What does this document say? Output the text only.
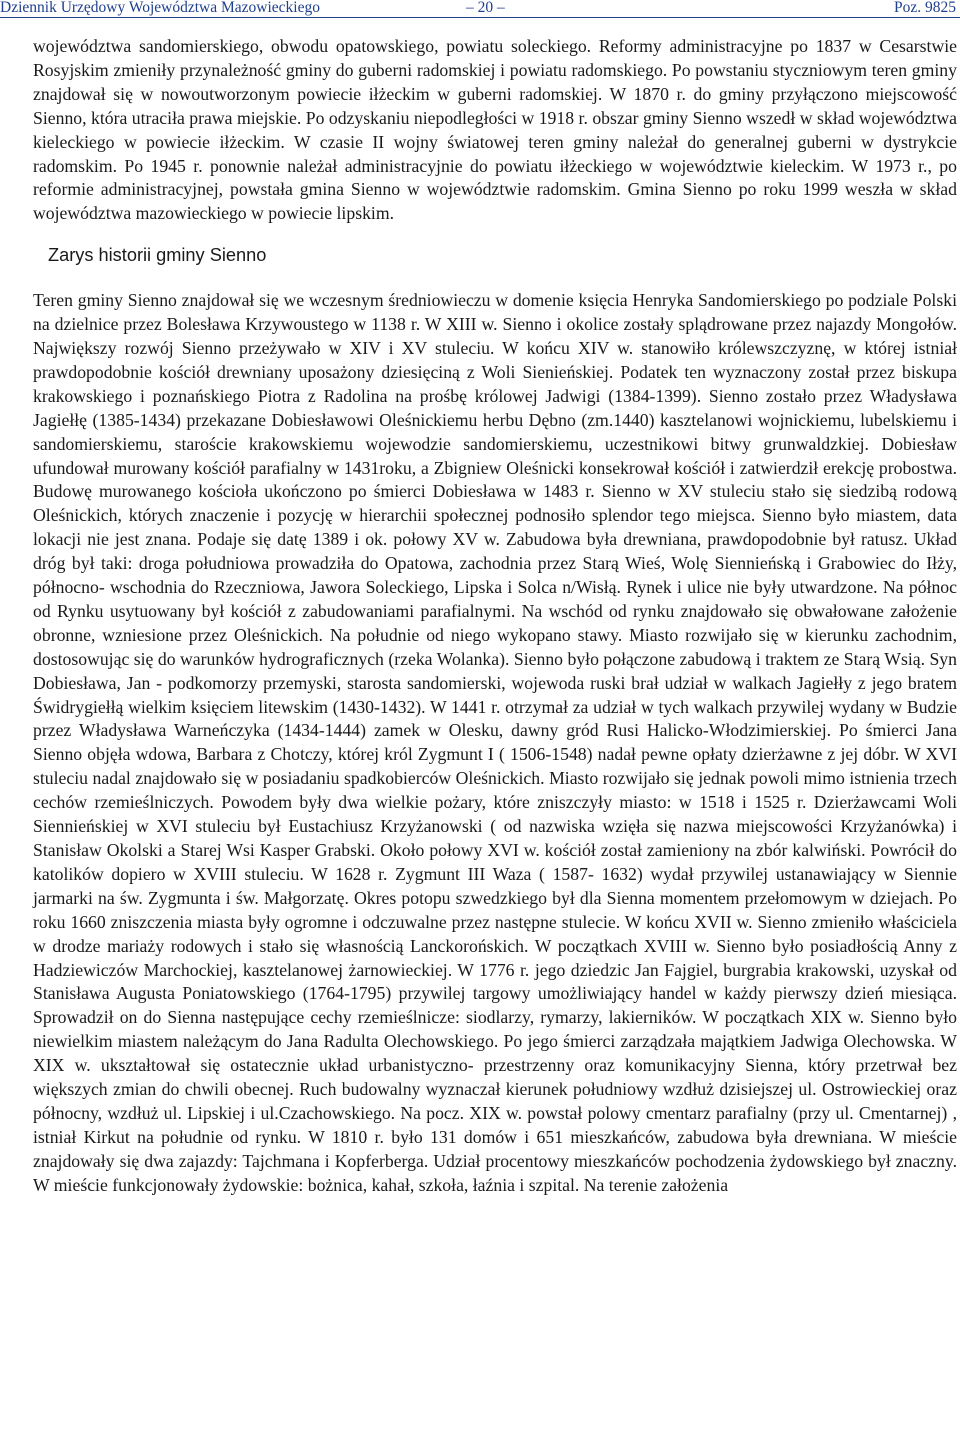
Dziennik Urzędowy Województwa Mazowieckiego	– 20 –	Poz. 9825

województwa sandomierskiego, obwodu opatowskiego, powiatu soleckiego. Reformy administracyjne po 1837 w Cesarstwie Rosyjskim zmieniły przynależność gminy do guberni radomskiej i powiatu radomskiego. Po powstaniu styczniowym teren gminy znajdował się w nowoutworzonym powiecie iłżeckim w guberni radomskiej. W 1870 r. do gminy przyłączono miejscowość Sienno, która utraciła prawa miejskie. Po odzyskaniu niepodległości w 1918 r. obszar gminy Sienno wszedł w skład województwa kieleckiego w powiecie iłżeckim. W czasie II wojny światowej teren gminy należał do generalnej guberni w dystrykcie radomskim. Po 1945 r. ponownie należał administracyjnie do powiatu iłżeckiego w województwie kieleckim. W 1973 r., po reformie administracyjnej, powstała gmina Sienno w województwie radomskim. Gmina Sienno po roku 1999 weszła w skład województwa mazowieckiego w powiecie lipskim.

Zarys historii gminy Sienno

Teren gminy Sienno znajdował się we wczesnym średniowieczu w domenie księcia Henryka Sandomierskiego po podziale Polski na dzielnice przez Bolesława Krzywoustego w 1138 r. W XIII w. Sienno i okolice zostały splądrowane przez najazdy Mongołów. Największy rozwój Sienno przeżywało w XIV i XV stuleciu. W końcu XIV w. stanowiło królewszczyznę, w której istniał prawdopodobnie kościół drewniany uposażony dziesięciną z Woli Sienieńskiej. Podatek ten wyznaczony został przez biskupa krakowskiego i poznańskiego Piotra z Radolina na prośbę królowej Jadwigi (1384-1399). Sienno zostało przez Władysława Jagiełłę (1385-1434) przekazane Dobiesławowi Oleśnickiemu herbu Dębno (zm.1440) kasztelanowi wojnickiemu, lubelskiemu i sandomierskiemu, staroście krakowskiemu wojewodzie sandomierskiemu, uczestnikowi bitwy grunwaldzkiej. Dobiesław ufundował murowany kościół parafialny w 1431roku, a Zbigniew Oleśnicki konsekrował kościół i zatwierdził erekcję probostwa. Budowę murowanego kościoła ukończono po śmierci Dobiesława w 1483 r. Sienno w XV stuleciu stało się siedzibą rodową Oleśnickich, których znaczenie i pozycję w hierarchii społecznej podnosiło splendor tego miejsca. Sienno było miastem, data lokacji nie jest znana. Podaje się datę 1389 i ok. połowy XV w. Zabudowa była drewniana, prawdopodobnie był ratusz. Układ dróg był taki: droga południowa prowadziła do Opatowa, zachodnia przez Starą Wieś, Wolę Siennieńską i Grabowiec do Iłży, północno- wschodnia do Rzeczniowa, Jawora Soleckiego, Lipska i Solca n/Wisłą. Rynek i ulice nie były utwardzone. Na północ od Rynku usytuowany był kościół z zabudowaniami parafialnymi. Na wschód od rynku znajdowało się obwałowane założenie obronne, wzniesione przez Oleśnickich. Na południe od niego wykopano stawy. Miasto rozwijało się w kierunku zachodnim, dostosowując się do warunków hydrograficznych (rzeka Wolanka). Sienno było połączone zabudową i traktem ze Starą Wsią. Syn Dobiesława, Jan - podkomorzy przemyski, starosta sandomierski, wojewoda ruski brał udział w walkach Jagiełły z jego bratem Świdrygiełłą wielkim księciem litewskim (1430-1432). W 1441 r. otrzymał za udział w tych walkach przywilej wydany w Budzie przez Władysława Warneńczyka (1434-1444) zamek w Olesku, dawny gród Rusi Halicko-Włodzimierskiej. Po śmierci Jana Sienno objęła wdowa, Barbara z Chotczy, której król Zygmunt I ( 1506-1548) nadał pewne opłaty dzierżawne z jej dóbr. W XVI stuleciu nadal znajdowało się w posiadaniu spadkobierców Oleśnickich. Miasto rozwijało się jednak powoli mimo istnienia trzech cechów rzemieślniczych. Powodem były dwa wielkie pożary, które zniszczyły miasto: w 1518 i 1525 r. Dzierżawcami Woli Siennieńskiej w XVI stuleciu był Eustachiusz Krzyżanowski ( od nazwiska wzięła się nazwa miejscowości Krzyżanówka) i Stanisław Okolski a Starej Wsi Kasper Grabski. Około połowy XVI w. kościół został zamieniony na zbór kalwiński. Powrócił do katolików dopiero w XVIII stuleciu. W 1628 r. Zygmunt III Waza ( 1587- 1632) wydał przywilej ustanawiający w Siennie jarmarki na św. Zygmunta i św. Małgorzatę. Okres potopu szwedzkiego był dla Sienna momentem przełomowym w dziejach. Po roku 1660 zniszczenia miasta były ogromne i odczuwalne przez następne stulecie. W końcu XVII w. Sienno zmieniło właściciela w drodze mariaży rodowych i stało się własnością Lanckorońskich. W początkach XVIII w. Sienno było posiadłością Anny z Hadziewiczów Marchockiej, kasztelanowej żarnowieckiej. W 1776 r. jego dziedzic Jan Fajgiel, burgrabia krakowski, uzyskał od Stanisława Augusta Poniatowskiego (1764-1795) przywilej targowy umożliwiający handel w każdy pierwszy dzień miesiąca. Sprowadził on do Sienna następujące cechy rzemieślnicze: siodlarzy, rymarzy, lakierników. W początkach XIX w. Sienno było niewielkim miastem należącym do Jana Radulta Olechowskiego. Po jego śmierci zarządzała majątkiem Jadwiga Olechowska. W XIX w. ukształtował się ostatecznie układ urbanistyczno- przestrzenny oraz komunikacyjny Sienna, który przetrwał bez większych zmian do chwili obecnej. Ruch budowalny wyznaczał kierunek południowy wzdłuż dzisiejszej ul. Ostrowieckiej oraz północny, wzdłuż ul. Lipskiej i ul.Czachowskiego. Na pocz. XIX w. powstał polowy cmentarz parafialny (przy ul. Cmentarnej) , istniał Kirkut na południe od rynku. W 1810 r. było 131 domów i 651 mieszkańców, zabudowa była drewniana. W mieście znajdowały się dwa zajazdy: Tajchmana i Kopferberga. Udział procentowy mieszkańców pochodzenia żydowskiego był znaczny. W mieście funkcjonowały żydowskie: bożnica, kahał, szkoła, łaźnia i szpital. Na terenie założenia
